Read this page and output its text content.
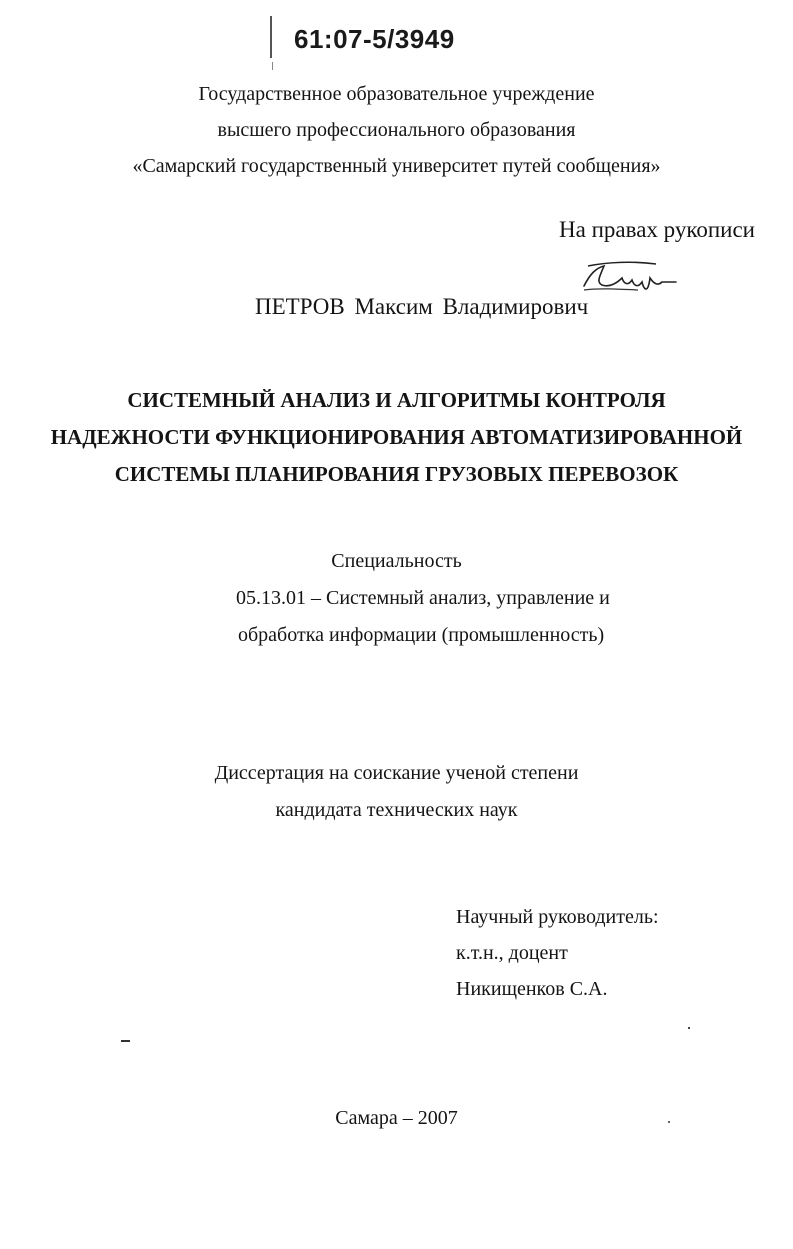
61:07-5/3949
Государственное образовательное учреждение
высшего профессионального образования
«Самарский государственный университет путей сообщения»
На правах рукописи
ПЕТРОВ Максим Владимирович
СИСТЕМНЫЙ АНАЛИЗ И АЛГОРИТМЫ КОНТРОЛЯ
НАДЕЖНОСТИ ФУНКЦИОНИРОВАНИЯ АВТОМАТИЗИРОВАННОЙ
СИСТЕМЫ ПЛАНИРОВАНИЯ ГРУЗОВЫХ ПЕРЕВОЗОК
Специальность
05.13.01 – Системный анализ, управление и
обработка информации (промышленность)
Диссертация на соискание ученой степени
кандидата технических наук
Научный руководитель:
к.т.н., доцент
Никищенков С.А.
Самара – 2007
